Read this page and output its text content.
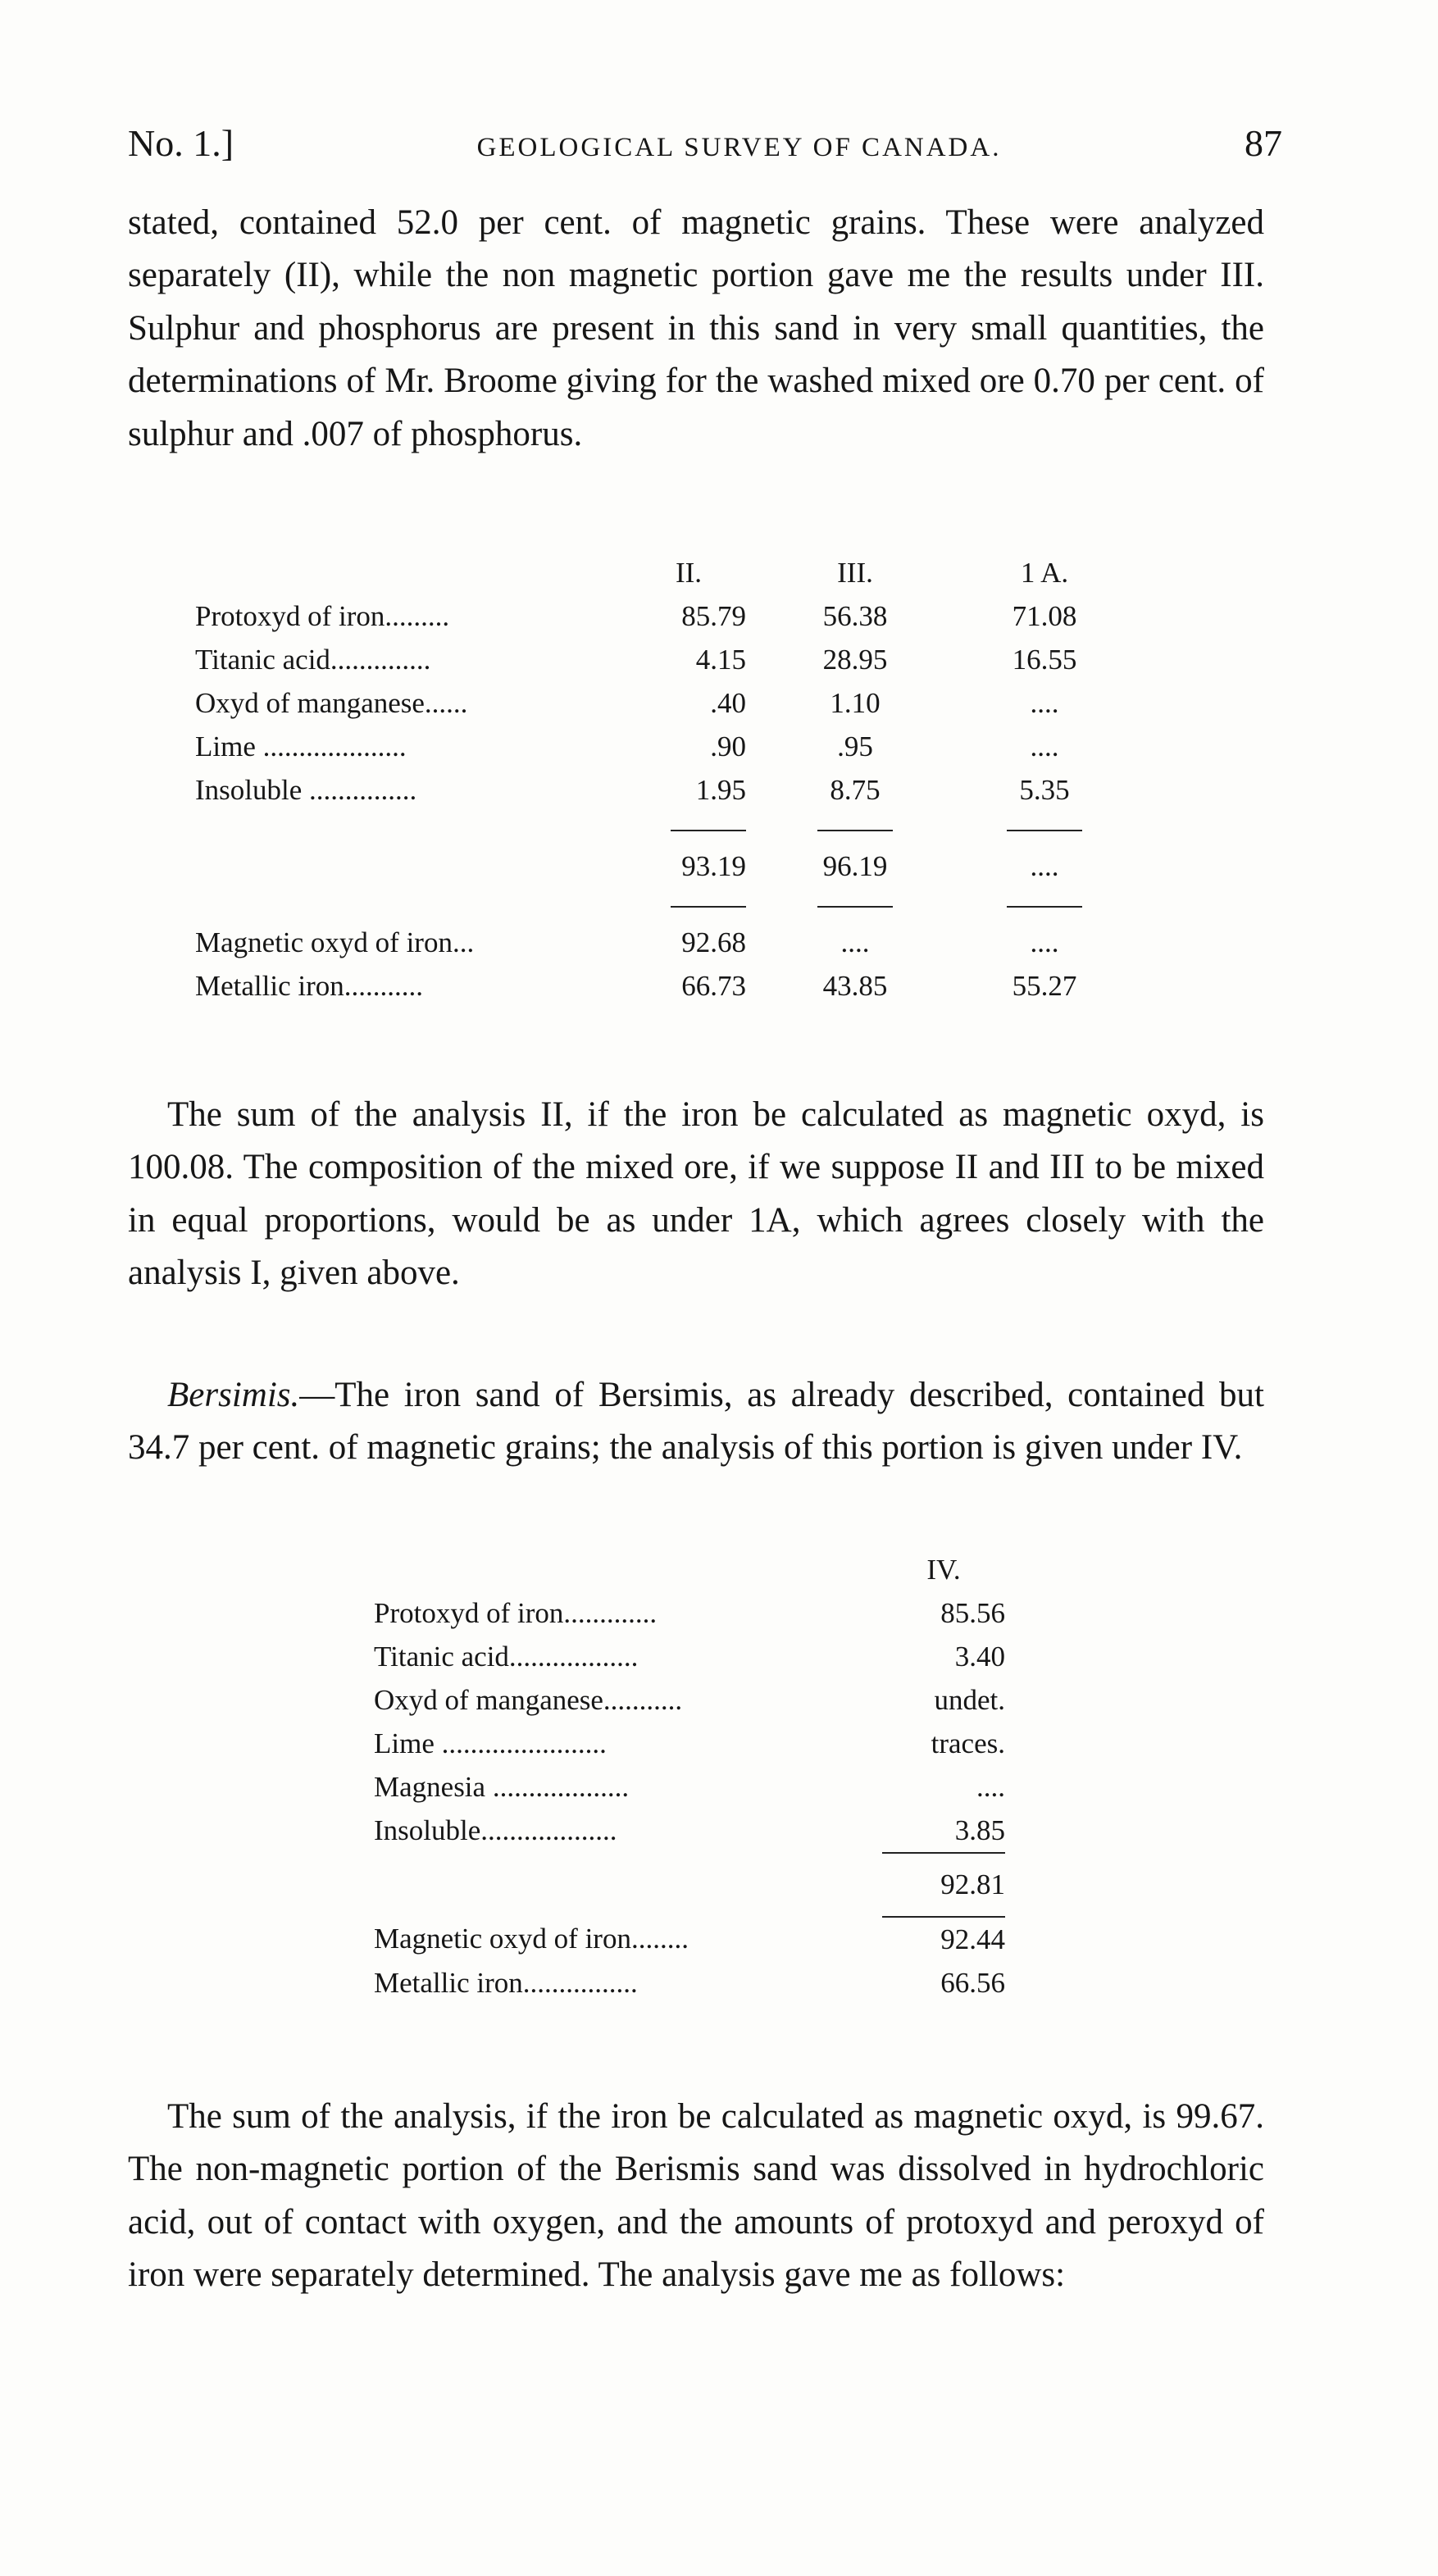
No. 1.]	GEOLOGICAL SURVEY OF CANADA.	87

stated, contained 52.0 per cent. of magnetic grains. These were analyzed separately (II), while the non magnetic portion gave me the results under III. Sulphur and phosphorus are present in this sand in very small quantities, the determinations of Mr. Broome giving for the washed mixed ore 0.70 per cent. of sulphur and .007 of phosphorus.

	II.	III.	1 A.
Protoxyd of iron.........	85.79	56.38	71.08
Titanic acid..............	4.15	28.95	16.55
Oxyd of manganese......	.40	1.10	....
Lime ....................	.90	.95	....
Insoluble ...............	1.95	8.75	5.35

	93.19	96.19	....

Magnetic oxyd of iron...	92.68	....	....
Metallic iron...........	66.73	43.85	55.27

The sum of the analysis II, if the iron be calculated as magnetic oxyd, is 100.08. The composition of the mixed ore, if we suppose II and III to be mixed in equal proportions, would be as under 1A, which agrees closely with the analysis I, given above.

Bersimis.—The iron sand of Bersimis, as already described, contained but 34.7 per cent. of magnetic grains; the analysis of this portion is given under IV.

	IV.
Protoxyd of iron.............	85.56
Titanic acid..................	3.40
Oxyd of manganese...........	undet.
Lime .......................	traces.
Magnesia ...................	....
Insoluble...................	3.85
	92.81
Magnetic oxyd of iron........	92.44
Metallic iron................	66.56

The sum of the analysis, if the iron be calculated as magnetic oxyd, is 99.67. The non-magnetic portion of the Berismis sand was dissolved in hydrochloric acid, out of contact with oxygen, and the amounts of protoxyd and peroxyd of iron were separately determined. The analysis gave me as follows:
